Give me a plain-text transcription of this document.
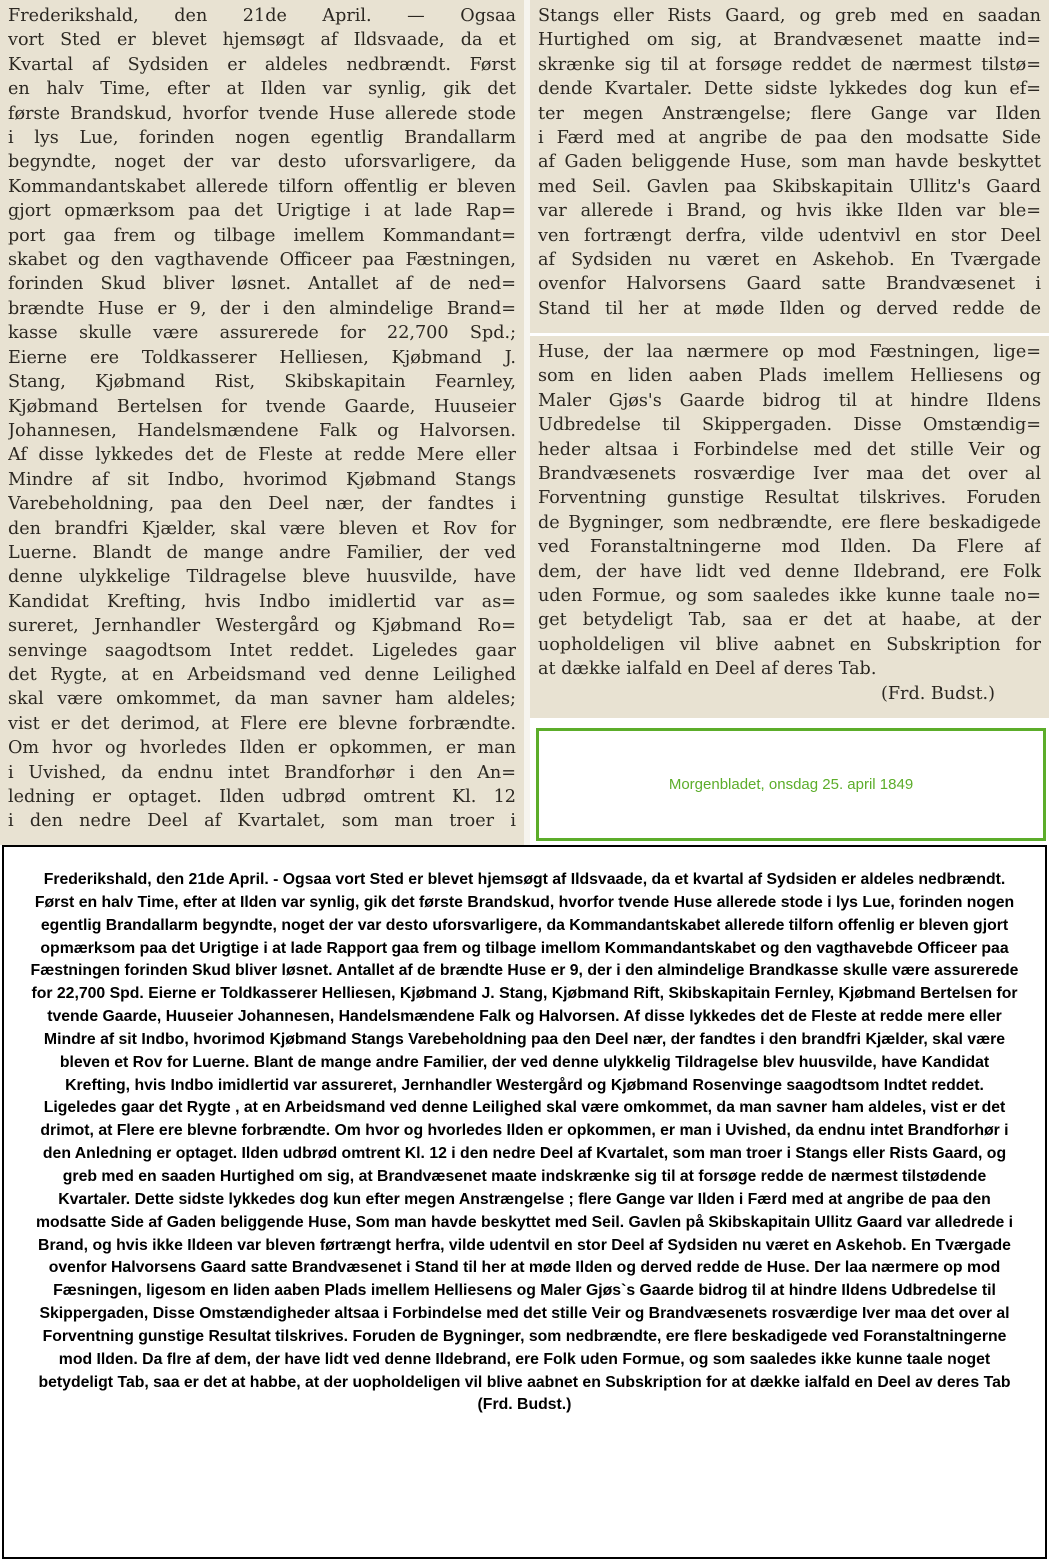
Frederikshald, den 21de April. — Ogsaa
vort Sted er blevet hjemsøgt af Ildsvaade, da et
Kvartal af Sydsiden er aldeles nedbrændt. Først
en halv Time, efter at Ilden var synlig, gik det
første Brandskud, hvorfor tvende Huse allerede stode
i lys Lue, forinden nogen egentlig Brandallarm
begyndte, noget der var desto uforsvarligere, da
Kommandantskabet allerede tilforn offentlig er bleven
gjort opmærksom paa det Urigtige i at lade Rap=
port gaa frem og tilbage imellem Kommandant=
skabet og den vagthavende Officeer paa Fæstningen,
forinden Skud bliver løsnet. Antallet af de ned=
brændte Huse er 9, der i den almindelige Brand=
kasse skulle være assurerede for 22,700 Spd.;
Eierne ere Toldkasserer Helliesen, Kjøbmand J.
Stang, Kjøbmand Rist, Skibskapitain Fearnley,
Kjøbmand Bertelsen for tvende Gaarde, Huuseier
Johannesen, Handelsmændene Falk og Halvorsen.
Af disse lykkedes det de Fleste at redde Mere eller
Mindre af sit Indbo, hvorimod Kjøbmand Stangs
Varebeholdning, paa den Deel nær, der fandtes i
den brandfri Kjælder, skal være bleven et Rov for
Luerne. Blandt de mange andre Familier, der ved
denne ulykkelige Tildragelse bleve huusvilde, have
Kandidat Krefting, hvis Indbo imidlertid var as=
sureret, Jernhandler Westergård og Kjøbmand Ro=
senvinge saagodtsom Intet reddet. Ligeledes gaar
det Rygte, at en Arbeidsmand ved denne Leilighed
skal være omkommet, da man savner ham aldeles;
vist er det derimod, at Flere ere blevne forbrændte.
Om hvor og hvorledes Ilden er opkommen, er man
i Uvished, da endnu intet Brandforhør i den An=
ledning er optaget. Ilden udbrød omtrent Kl. 12
i den nedre Deel af Kvartalet, som man troer i
Stangs eller Rists Gaard, og greb med en saadan
Hurtighed om sig, at Brandvæsenet maatte ind=
skrænke sig til at forsøge reddet de nærmest tilstø=
dende Kvartaler. Dette sidste lykkedes dog kun ef=
ter megen Anstrængelse; flere Gange var Ilden
i Færd med at angribe de paa den modsatte Side
af Gaden beliggende Huse, som man havde beskyttet
med Seil. Gavlen paa Skibskapitain Ullitz's Gaard
var allerede i Brand, og hvis ikke Ilden var ble=
ven fortrængt derfra, vilde udentvivl en stor Deel
af Sydsiden nu været en Askehob. En Tværgade
ovenfor Halvorsens Gaard satte Brandvæsenet i
Stand til her at møde Ilden og derved redde de
Huse, der laa nærmere op mod Fæstningen, lige=
som en liden aaben Plads imellem Helliesens og
Maler Gjøs's Gaarde bidrog til at hindre Ildens
Udbredelse til Skippergaden. Disse Omstændig=
heder altsaa i Forbindelse med det stille Veir og
Brandvæsenets rosværdige Iver maa det over al
Forventning gunstige Resultat tilskrives. Foruden
de Bygninger, som nedbrændte, ere flere beskadigede
ved Foranstaltningerne mod Ilden. Da Flere af
dem, der have lidt ved denne Ildebrand, ere Folk
uden Formue, og som saaledes ikke kunne taale no=
get betydeligt Tab, saa er det at haabe, at der
uopholdeligen vil blive aabnet en Subskription for
at dække ialfald en Deel af deres Tab.
(Frd. Budst.)
Morgenbladet, onsdag 25. april 1849

Frederikshald, den 21de April. - Ogsaa vort Sted er blevet hjemsøgt af Ildsvaade, da et kvartal af Sydsiden er aldeles nedbrændt. Først en halv Time, efter at Ilden var synlig, gik det første Brandskud, hvorfor tvende Huse allerede stode i lys Lue, forinden nogen egentlig Brandallarm begyndte, noget der var desto uforsvarligere, da Kommandantskabet allerede tilforn offenlig er bleven gjort opmærksom paa det Urigtige i at lade Rapport gaa frem og tilbage imellom Kommandantskabet og den vagthavebde Officeer paa Fæstningen forinden Skud bliver løsnet. Antallet af de brændte Huse er 9, der i den almindelige Brandkasse skulle være assurerede for 22,700 Spd. Eierne er Toldkasserer Helliesen, Kjøbmand J. Stang, Kjøbmand Rift, Skibskapitain Fernley, Kjøbmand Bertelsen for tvende Gaarde, Huuseier Johannesen, Handelsmændene Falk og Halvorsen. Af disse lykkedes det de Fleste at redde mere eller Mindre af sit Indbo, hvorimod Kjøbmand Stangs Varebeholdning paa den Deel nær, der fandtes i den brandfri Kjælder, skal være bleven et Rov for Luerne. Blant de mange andre Familier, der ved denne ulykkelig Tildragelse blev huusvilde, have Kandidat Krefting, hvis Indbo imidlertid var assureret, Jernhandler Westergård og Kjøbmand Rosenvinge saagodtsom Indtet reddet. Ligeledes gaar det Rygte , at en Arbeidsmand ved denne Leilighed skal være omkommet, da man savner ham aldeles, vist er det drimot, at Flere ere blevne forbrændte. Om hvor og hvorledes Ilden er opkommen, er man i Uvished, da endnu intet Brandforhør i den Anledning er optaget. Ilden udbrød omtrent Kl. 12 i den nedre Deel af Kvartalet, som man troer i Stangs eller Rists Gaard, og greb med en saaden Hurtighed om sig, at Brandvæsenet maate indskrænke sig til at forsøge redde de nærmest tilstødende Kvartaler. Dette sidste lykkedes dog kun efter megen Anstrængelse ; flere Gange var Ilden i Færd med at angribe de paa den modsatte Side af Gaden beliggende Huse, Som man havde beskyttet med Seil. Gavlen på Skibskapitain Ullitz Gaard var alledrede i Brand, og hvis ikke Ildeen var bleven førtrængt herfra, vilde udentvil en stor Deel af Sydsiden nu været en Askehob. En Tværgade ovenfor Halvorsens Gaard satte Brandvæsenet i Stand til her at møde Ilden og derved redde de Huse. Der laa nærmere op mod Fæsningen, ligesom en liden aaben Plads imellem Helliesens og Maler Gjøs`s Gaarde bidrog til at hindre Ildens Udbredelse til Skippergaden, Disse Omstændigheder altsaa i Forbindelse med det stille Veir og Brandvæsenets rosværdige Iver maa det over al Forventning gunstige Resultat tilskrives. Foruden de Bygninger, som nedbrændte, ere flere beskadigede ved Foranstaltningerne mod Ilden. Da flre af dem, der have lidt ved denne Ildebrand, ere Folk uden Formue, og som saaledes ikke kunne taale noget betydeligt Tab, saa er det at habbe, at der uopholdeligen vil blive aabnet en Subskription for at dække ialfald en Deel av deres Tab

(Frd. Budst.)
